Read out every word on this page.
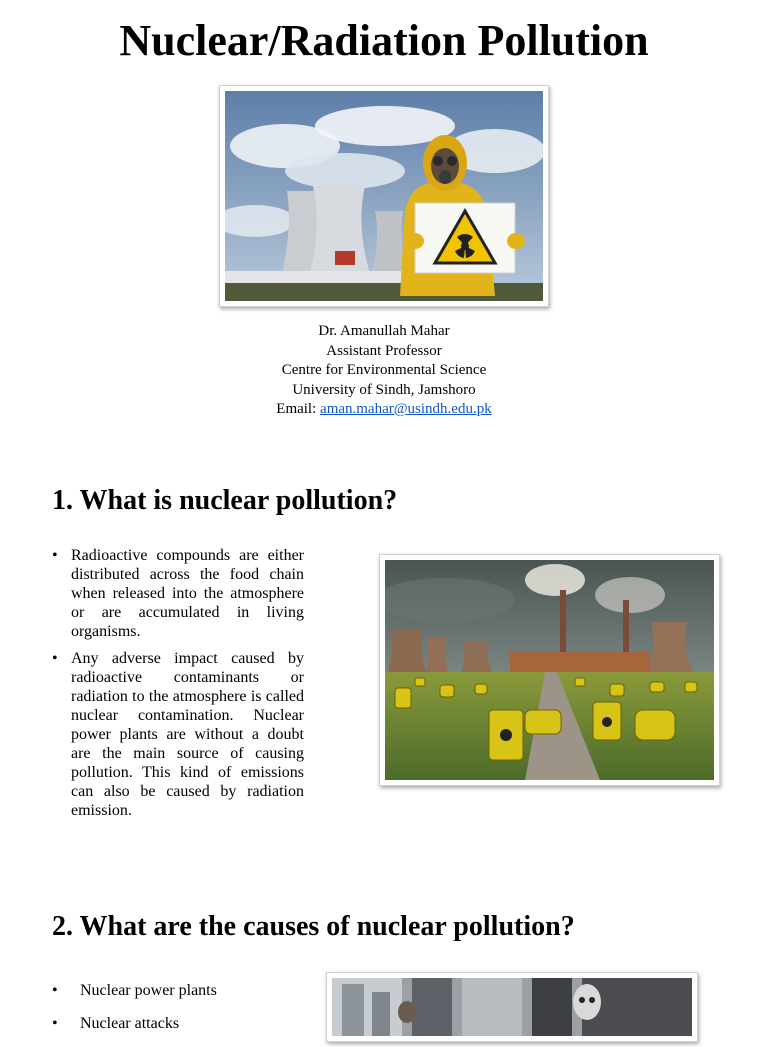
Nuclear/Radiation Pollution
Dr. Amanullah Mahar
Assistant Professor
Centre for Environmental Science
University of Sindh, Jamshoro
Email: aman.mahar@usindh.edu.pk
1. What is nuclear pollution?
• Radioactive compounds are either distributed across the food chain when released into the atmosphere or are accumulated in living organisms.
• Any adverse impact caused by radioactive contaminants or radiation to the atmosphere is called nuclear contamination. Nuclear power plants are without a doubt are the main source of causing pollution. This kind of emissions can also be caused by radiation emission.
2. What are the causes of nuclear pollution?
• Nuclear power plants
• Nuclear attacks
